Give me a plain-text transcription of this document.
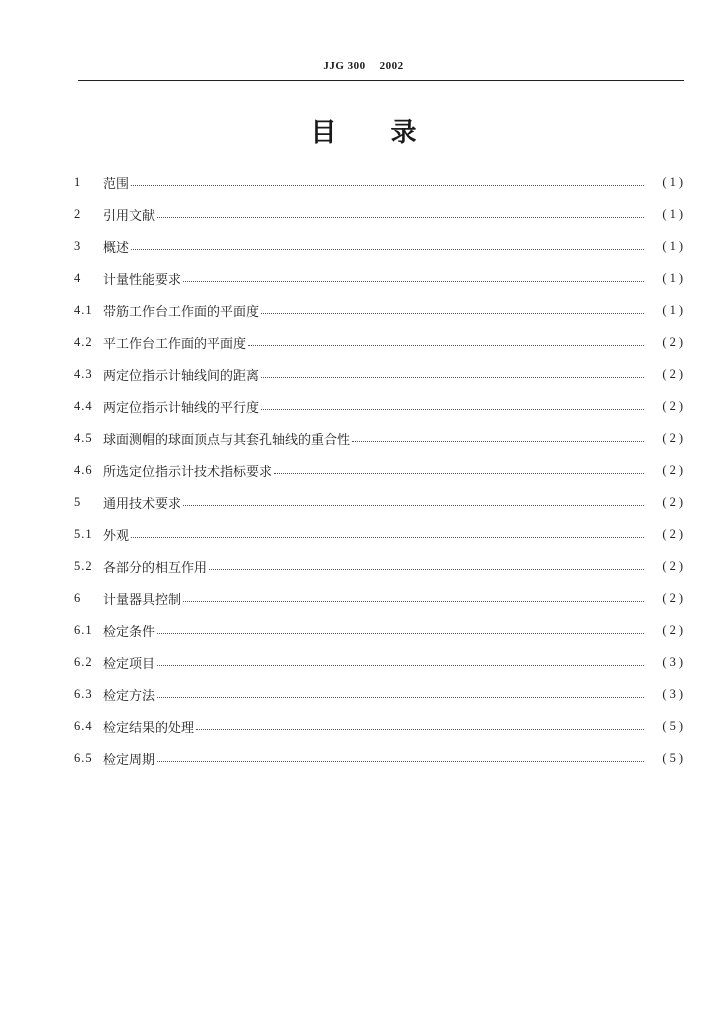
JJG 300 2002
目 录
1	范围	(1)
2	引用文献	(1)
3	概述	(1)
4	计量性能要求	(1)
4.1 带筋工作台工作面的平面度	(1)
4.2 平工作台工作面的平面度	(2)
4.3 两定位指示计轴线间的距离	(2)
4.4 两定位指示计轴线的平行度	(2)
4.5 球面测帽的球面顶点与其套孔轴线的重合性	(2)
4.6 所选定位指示计技术指标要求	(2)
5	通用技术要求	(2)
5.1 外观	(2)
5.2 各部分的相互作用	(2)
6	计量器具控制	(2)
6.1 检定条件	(2)
6.2 检定项目	(3)
6.3 检定方法	(3)
6.4 检定结果的处理	(5)
6.5 检定周期	(5)
